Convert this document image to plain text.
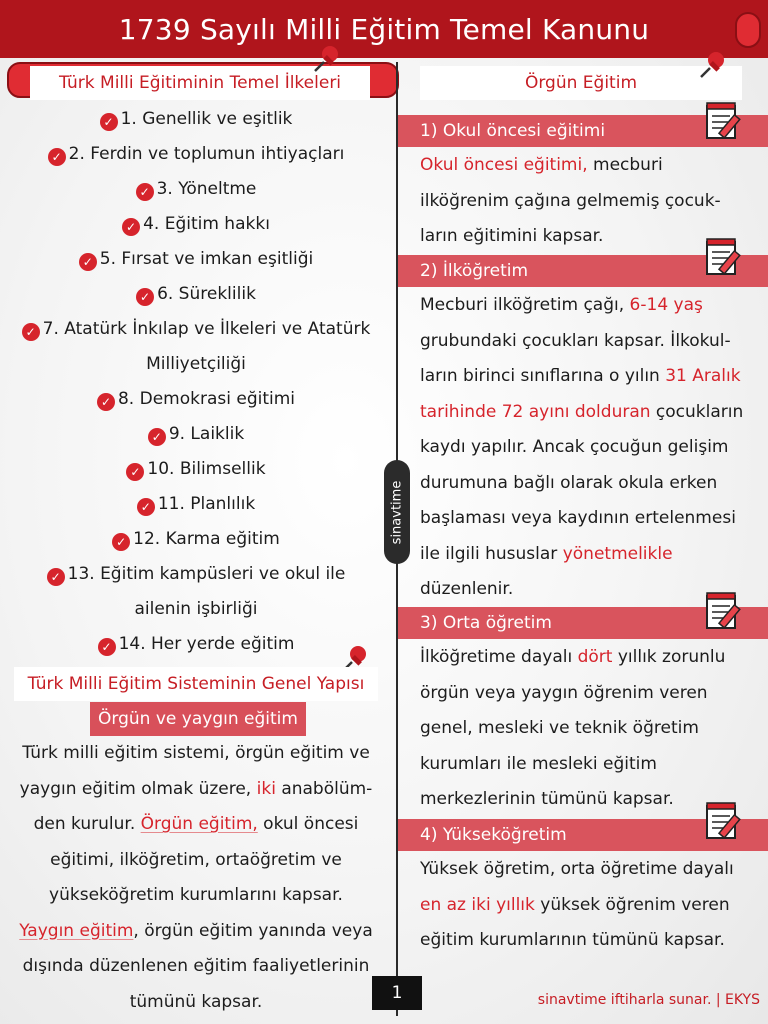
1739 Sayılı Milli Eğitim Temel Kanunu
sinavtime
Türk Milli Eğitiminin Temel İlkeleri
✓ 1. Genellik ve eşitlik
✓ 2. Ferdin ve toplumun ihtiyaçları
✓ 3. Yöneltme
✓ 4. Eğitim hakkı
✓ 5. Fırsat ve imkan eşitliği
✓ 6. Süreklilik
✓ 7. Atatürk İnkılap ve İlkeleri ve Atatürk
Milliyetçiliği
✓ 8. Demokrasi eğitimi
✓ 9. Laiklik
✓ 10. Bilimsellik
✓ 11. Planlılık
✓ 12. Karma eğitim
✓ 13. Eğitim kampüsleri ve okul ile
ailenin işbirliği
✓ 14. Her yerde eğitim
Türk Milli Eğitim Sisteminin Genel Yapısı
Örgün ve yaygın eğitim
Türk milli eğitim sistemi, örgün eğitim ve
yaygın eğitim olmak üzere, iki anabölüm-
den kurulur. Örgün eğitim, okul öncesi
eğitimi, ilköğretim, ortaöğretim ve
yükseköğretim kurumlarını kapsar.
Yaygın eğitim, örgün eğitim yanında veya
dışında düzenlenen eğitim faaliyetlerinin
tümünü kapsar.
Örgün Eğitim
1) Okul öncesi eğitimi
Okul öncesi eğitimi, mecburi
ilköğrenim çağına gelmemiş çocuk-
ların eğitimini kapsar.
2) İlköğretim
Mecburi ilköğretim çağı, 6-14 yaş
grubundaki çocukları kapsar. İlkokul-
ların birinci sınıflarına o yılın 31 Aralık
tarihinde 72 ayını dolduran çocukların
kaydı yapılır. Ancak çocuğun gelişim
durumuna bağlı olarak okula erken
başlaması veya kaydının ertelenmesi
ile ilgili hususlar yönetmelikle
düzenlenir.
3) Orta öğretim
İlköğretime dayalı dört yıllık zorunlu
örgün veya yaygın öğrenim veren
genel, mesleki ve teknik öğretim
kurumları ile mesleki eğitim
merkezlerinin tümünü kapsar.
4) Yükseköğretim
Yüksek öğretim, orta öğretime dayalı
en az iki yıllık yüksek öğrenim veren
eğitim kurumlarının tümünü kapsar.
1	sinavtime iftiharla sunar. | EKYS
